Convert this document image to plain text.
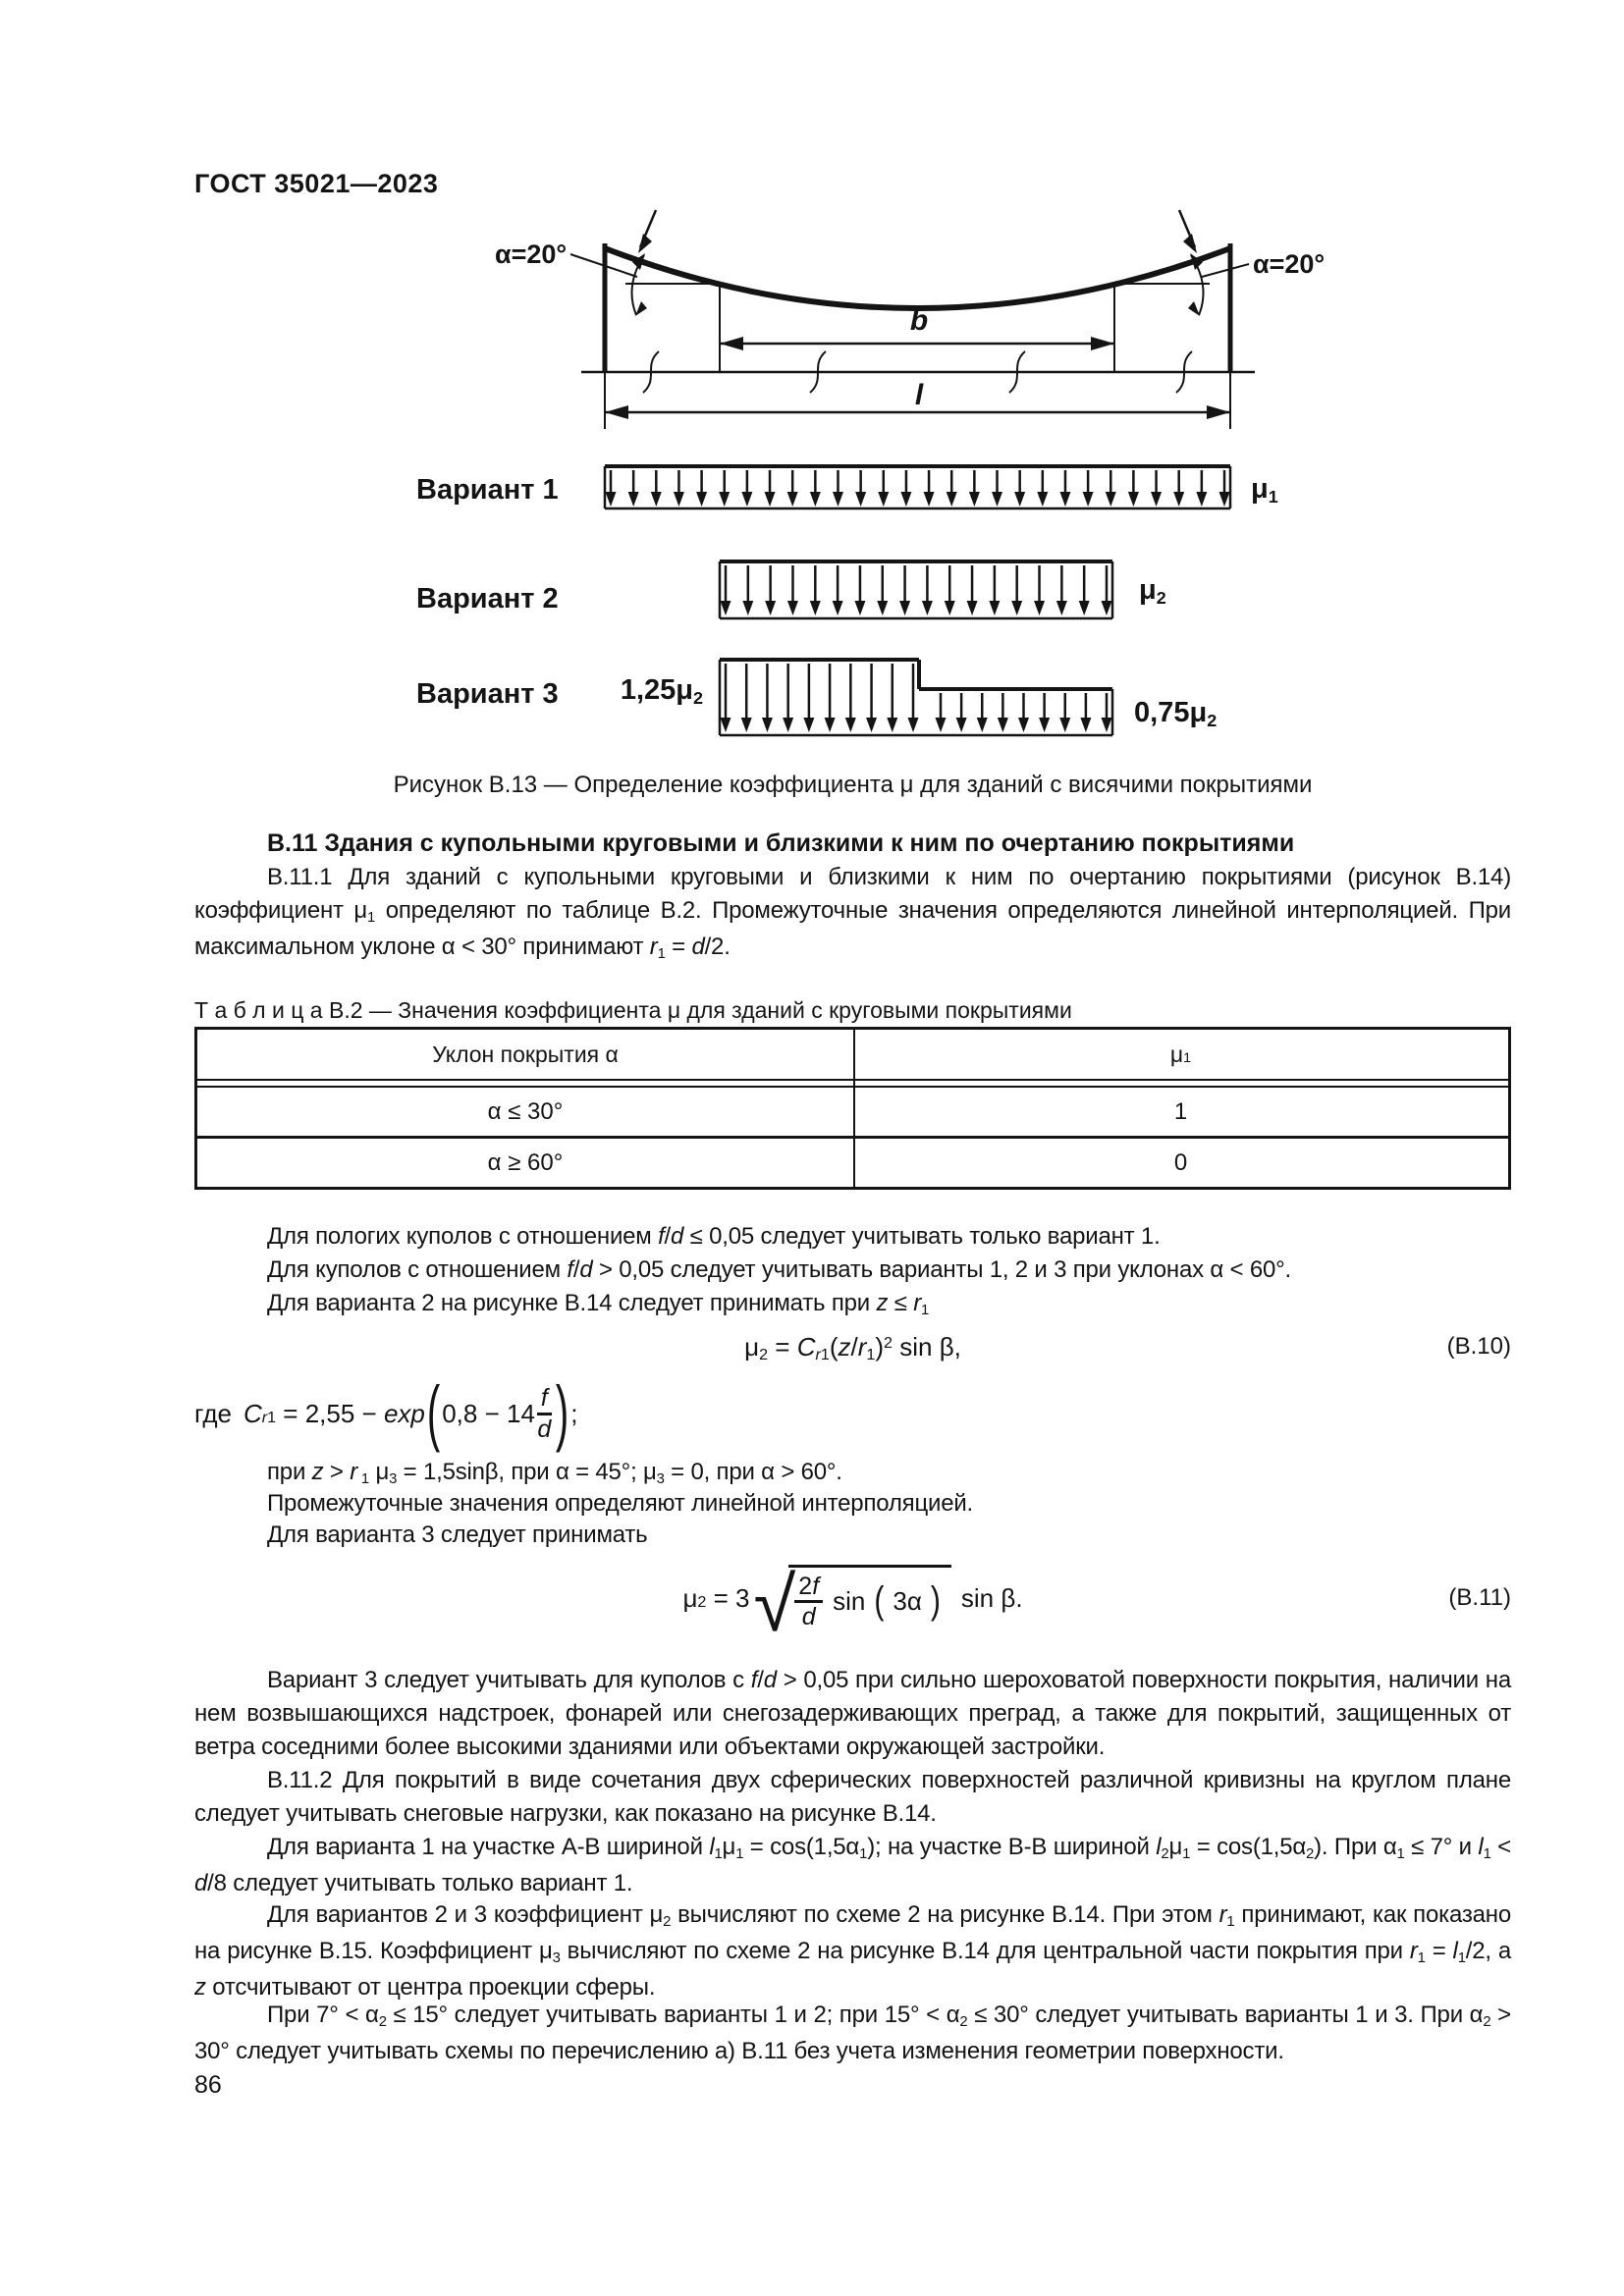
ГОСТ 35021—2023
α=20°	α=20°
b
l
Вариант 1
Вариант 2
Вариант 3
μ1
μ2
1,25μ2	0,75μ2
Рисунок В.13 — Определение коэффициента μ для зданий с висячими покрытиями
В.11 Здания с купольными круговыми и близкими к ним по очертанию покрытиями
В.11.1 Для зданий с купольными круговыми и близкими к ним по очертанию покрытиями (рисунок В.14) коэффициент μ1 определяют по таблице В.2. Промежуточные значения определяются линейной интерполяцией. При максимальном уклоне α < 30° принимают r1 = d/2.
Т а б л и ц а В.2 — Значения коэффициента μ для зданий с круговыми покрытиями
Уклон покрытия α	μ 1
α ≤ 30°	1
α ≥ 60°	0
Для пологих куполов с отношением f/d ≤ 0,05 следует учитывать только вариант 1.
Для куполов с отношением f/d > 0,05 следует учитывать варианты 1, 2 и 3 при уклонах α < 60°.
Для варианта 2 на рисунке В.14 следует принимать при z ≤ r1
$\mu 2 = Cr1(z/r1)^2$ sin β,	(В.10)
где C r1 = 2,55 − exp ( $0,8 - 14 \frac{f}{d}$ ) ;
при z > r 1 μ3 = 1,5sinβ, при α = 45°; μ3 = 0, при α > 60°.
Промежуточные значения определяют линейной интерполяцией.
Для варианта 3 следует принимать
μ 2 = 3 √ $\frac{2f}{d}$ sin ( 3α ) sin β.	(В.11)
Вариант 3 следует учитывать для куполов с f/d > 0,05 при сильно шероховатой поверхности покрытия, наличии на нем возвышающихся надстроек, фонарей или снегозадерживающих преград, а также для покрытий, защищенных от ветра соседними более высокими зданиями или объектами окружающей застройки.
В.11.2 Для покрытий в виде сочетания двух сферических поверхностей различной кривизны на круглом плане следует учитывать снеговые нагрузки, как показано на рисунке В.14.
Для варианта 1 на участке А-В шириной l1μ1 = cos(1,5α1); на участке В-В шириной l2μ1 = cos(1,5α2). При α1 ≤ 7° и l1 < d/8 следует учитывать только вариант 1.
Для вариантов 2 и 3 коэффициент μ2 вычисляют по схеме 2 на рисунке В.14. При этом r1 принимают, как показано на рисунке В.15. Коэффициент μ3 вычисляют по схеме 2 на рисунке В.14 для центральной части покрытия при r1 = l1/2, а z отсчитывают от центра проекции сферы.
При 7° < α2 ≤ 15° следует учитывать варианты 1 и 2; при 15° < α2 ≤ 30° следует учитывать варианты 1 и 3. При α2 > 30° следует учитывать схемы по перечислению а) В.11 без учета изменения геометрии поверхности.
86
